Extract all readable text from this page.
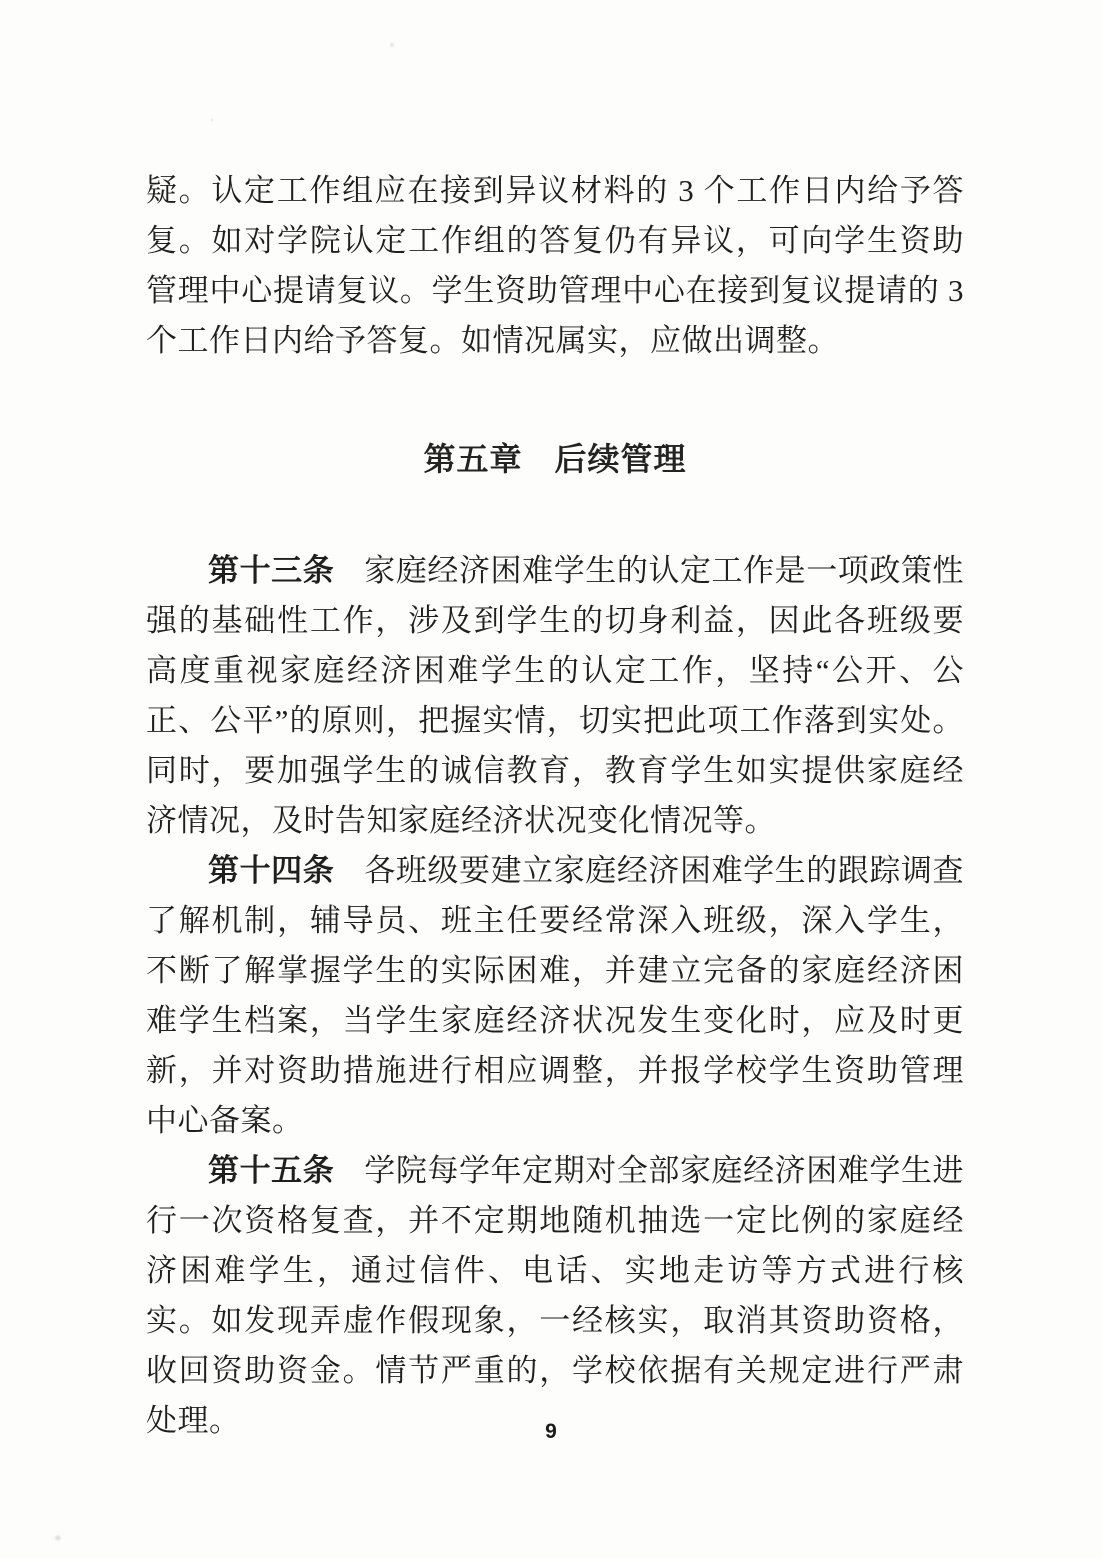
疑。认定工作组应在接到异议材料的 3 个工作日内给予答复。如对学院认定工作组的答复仍有异议，可向学生资助管理中心提请复议。学生资助管理中心在接到复议提请的 3 个工作日内给予答复。如情况属实，应做出调整。

第五章 后续管理

第十三条 家庭经济困难学生的认定工作是一项政策性强的基础性工作，涉及到学生的切身利益，因此各班级要高度重视家庭经济困难学生的认定工作，坚持“公开、公正、公平”的原则，把握实情，切实把此项工作落到实处。同时，要加强学生的诚信教育，教育学生如实提供家庭经济情况，及时告知家庭经济状况变化情况等。

第十四条 各班级要建立家庭经济困难学生的跟踪调查了解机制，辅导员、班主任要经常深入班级，深入学生，不断了解掌握学生的实际困难，并建立完备的家庭经济困难学生档案，当学生家庭经济状况发生变化时，应及时更新，并对资助措施进行相应调整，并报学校学生资助管理中心备案。

第十五条 学院每学年定期对全部家庭经济困难学生进行一次资格复查，并不定期地随机抽选一定比例的家庭经济困难学生，通过信件、电话、实地走访等方式进行核实。如发现弄虚作假现象，一经核实，取消其资助资格，收回资助资金。情节严重的，学校依据有关规定进行严肃处理。	9
